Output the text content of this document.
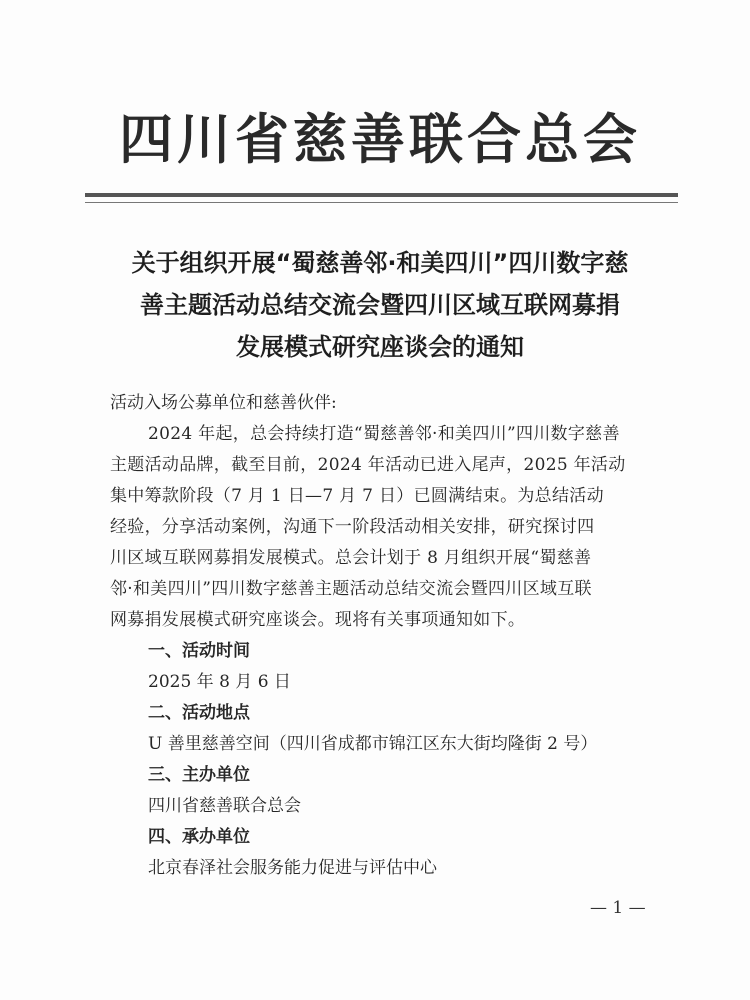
四川省慈善联合总会
关于组织开展“蜀慈善邻·和美四川”四川数字慈
善主题活动总结交流会暨四川区域互联网募捐
发展模式研究座谈会的通知
活动入场公募单位和慈善伙伴:
2024 年起，总会持续打造“蜀慈善邻·和美四川”四川数字慈善
主题活动品牌，截至目前，2024 年活动已进入尾声，2025 年活动
集中筹款阶段（7 月 1 日—7 月 7 日）已圆满结束。为总结活动
经验，分享活动案例，沟通下一阶段活动相关安排，研究探讨四
川区域互联网募捐发展模式。总会计划于 8 月组织开展“蜀慈善
邻·和美四川”四川数字慈善主题活动总结交流会暨四川区域互联
网募捐发展模式研究座谈会。现将有关事项通知如下。
一、活动时间
2025 年 8 月 6 日
二、活动地点
U 善里慈善空间（四川省成都市锦江区东大街均隆街 2 号）
三、主办单位
四川省慈善联合总会
四、承办单位
北京春泽社会服务能力促进与评估中心
— 1 —
